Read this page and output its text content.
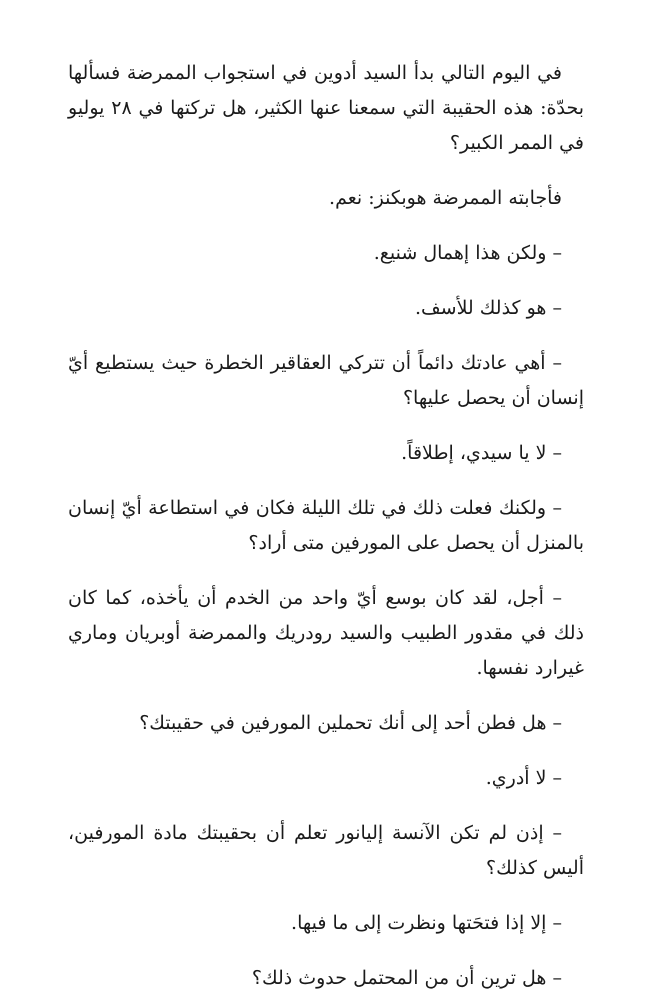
في اليوم التالي بدأ السيد أدوين في استجواب الممرضة فسألها بحدّة: هذه الحقيبة التي سمعنا عنها الكثير، هل تركتها في ٢٨ يوليو في الممر الكبير؟

فأجابته الممرضة هوبكنز: نعم.

– ولكن هذا إهمال شنيع.

– هو كذلك للأسف.

– أهي عادتك دائماً أن تتركي العقاقير الخطرة حيث يستطيع أيّ إنسان أن يحصل عليها؟

– لا يا سيدي، إطلاقاً.

– ولكنك فعلت ذلك في تلك الليلة فكان في استطاعة أيّ إنسان بالمنزل أن يحصل على المورفين متى أراد؟

– أجل، لقد كان بوسع أيّ واحد من الخدم أن يأخذه، كما كان ذلك في مقدور الطبيب والسيد رودريك والممرضة أوبريان وماري غيرارد نفسها.

– هل فطن أحد إلى أنك تحملين المورفين في حقيبتك؟

– لا أدري.

– إذن لم تكن الآنسة إليانور تعلم أن بحقيبتك مادة المورفين، أليس كذلك؟

– إلا إذا فتحَتها ونظرت إلى ما فيها.

– هل ترين أن من المحتمل حدوث ذلك؟
